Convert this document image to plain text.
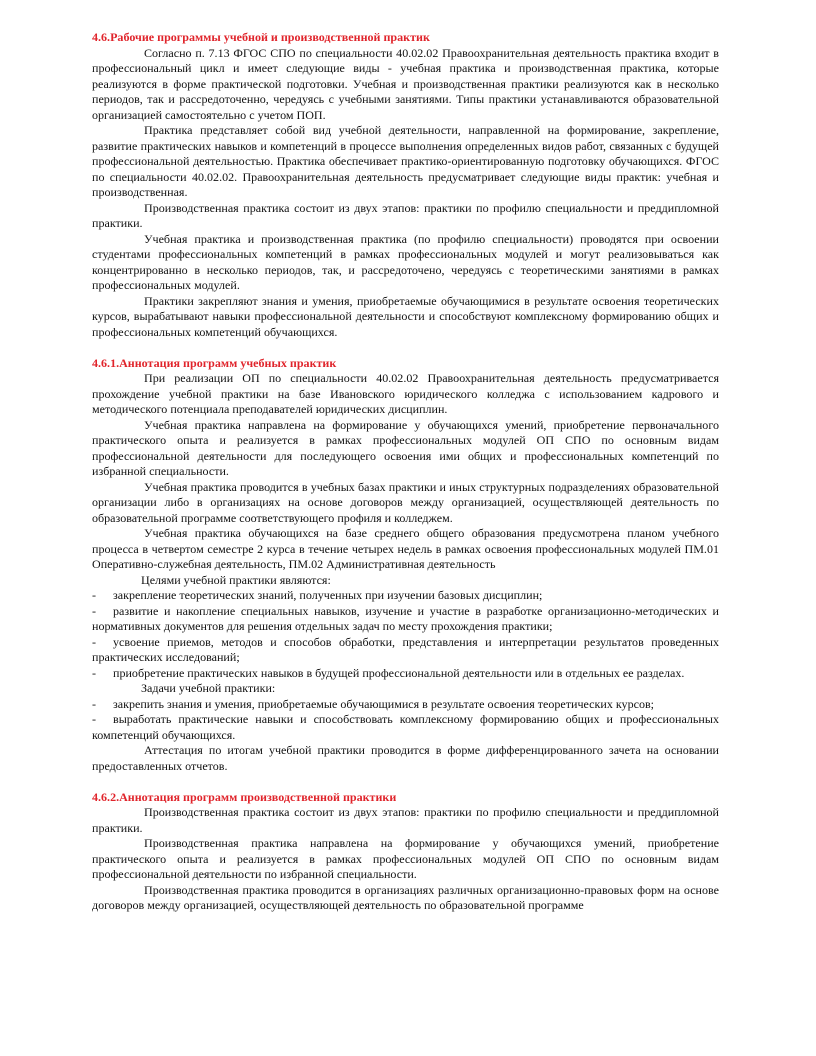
4.6.Рабочие программы учебной и производственной практик

Согласно п. 7.13 ФГОС СПО по специальности 40.02.02 Правоохранительная деятельность практика входит в профессиональный цикл и имеет следующие виды - учебная практика и производственная практика, которые реализуются в форме практической подготовки. Учебная и производственная практики реализуются как в несколько периодов, так и рассредоточенно, чередуясь с учебными занятиями. Типы практики устанавливаются образовательной организацией самостоятельно с учетом ПОП.

Практика представляет собой вид учебной деятельности, направленной на формирование, закрепление, развитие практических навыков и компетенций в процессе выполнения определенных видов работ, связанных с будущей профессиональной деятельностью. Практика обеспечивает практико-ориентированную подготовку обучающихся. ФГОС по специальности 40.02.02. Правоохранительная деятельность предусматривает следующие виды практик: учебная и производственная.

Производственная практика состоит из двух этапов: практики по профилю специальности и преддипломной практики.

Учебная практика и производственная практика (по профилю специальности) проводятся при освоении студентами профессиональных компетенций в рамках профессиональных модулей и могут реализовываться как концентрированно в несколько периодов, так, и рассредоточено, чередуясь с теоретическими занятиями в рамках профессиональных модулей.

Практики закрепляют знания и умения, приобретаемые обучающимися в результате освоения теоретических курсов, вырабатывают навыки профессиональной деятельности и способствуют комплексному формированию общих и профессиональных компетенций обучающихся.

4.6.1.Аннотация программ учебных практик

При реализации ОП по специальности 40.02.02 Правоохранительная деятельность предусматривается прохождение учебной практики на базе Ивановского юридического колледжа с использованием кадрового и методического потенциала преподавателей юридических дисциплин.

Учебная практика направлена на формирование у обучающихся умений, приобретение первоначального практического опыта и реализуется в рамках профессиональных модулей ОП СПО по основным видам профессиональной деятельности для последующего освоения ими общих и профессиональных компетенций по избранной специальности.

Учебная практика проводится в учебных базах практики и иных структурных подразделениях образовательной организации либо в организациях на основе договоров между организацией, осуществляющей деятельность по образовательной программе соответствующего профиля и колледжем.

Учебная практика обучающихся на базе среднего общего образования предусмотрена планом учебного процесса в четвертом семестре 2 курса в течение четырех недель в рамках освоения профессиональных модулей ПМ.01 Оперативно-служебная деятельность, ПМ.02 Административная деятельность

Целями учебной практики являются:

- закрепление теоретических знаний, полученных при изучении базовых дисциплин;

- развитие и накопление специальных навыков, изучение и участие в разработке организационно-методических и нормативных документов для решения отдельных задач по месту прохождения практики;

- усвоение приемов, методов и способов обработки, представления и интерпретации результатов проведенных практических исследований;

- приобретение практических навыков в будущей профессиональной деятельности или в отдельных ее разделах.

Задачи учебной практики:

- закрепить знания и умения, приобретаемые обучающимися в результате освоения теоретических курсов;

- выработать практические навыки и способствовать комплексному формированию общих и профессиональных компетенций обучающихся.

Аттестация по итогам учебной практики проводится в форме дифференцированного зачета на основании предоставленных отчетов.

4.6.2.Аннотация программ производственной практики

Производственная практика состоит из двух этапов: практики по профилю специальности и преддипломной практики.

Производственная практика направлена на формирование у обучающихся умений, приобретение практического опыта и реализуется в рамках профессиональных модулей ОП СПО по основным видам профессиональной деятельности по избранной специальности.

Производственная практика проводится в организациях различных организационно-правовых форм на основе договоров между организацией, осуществляющей деятельность по образовательной программе
